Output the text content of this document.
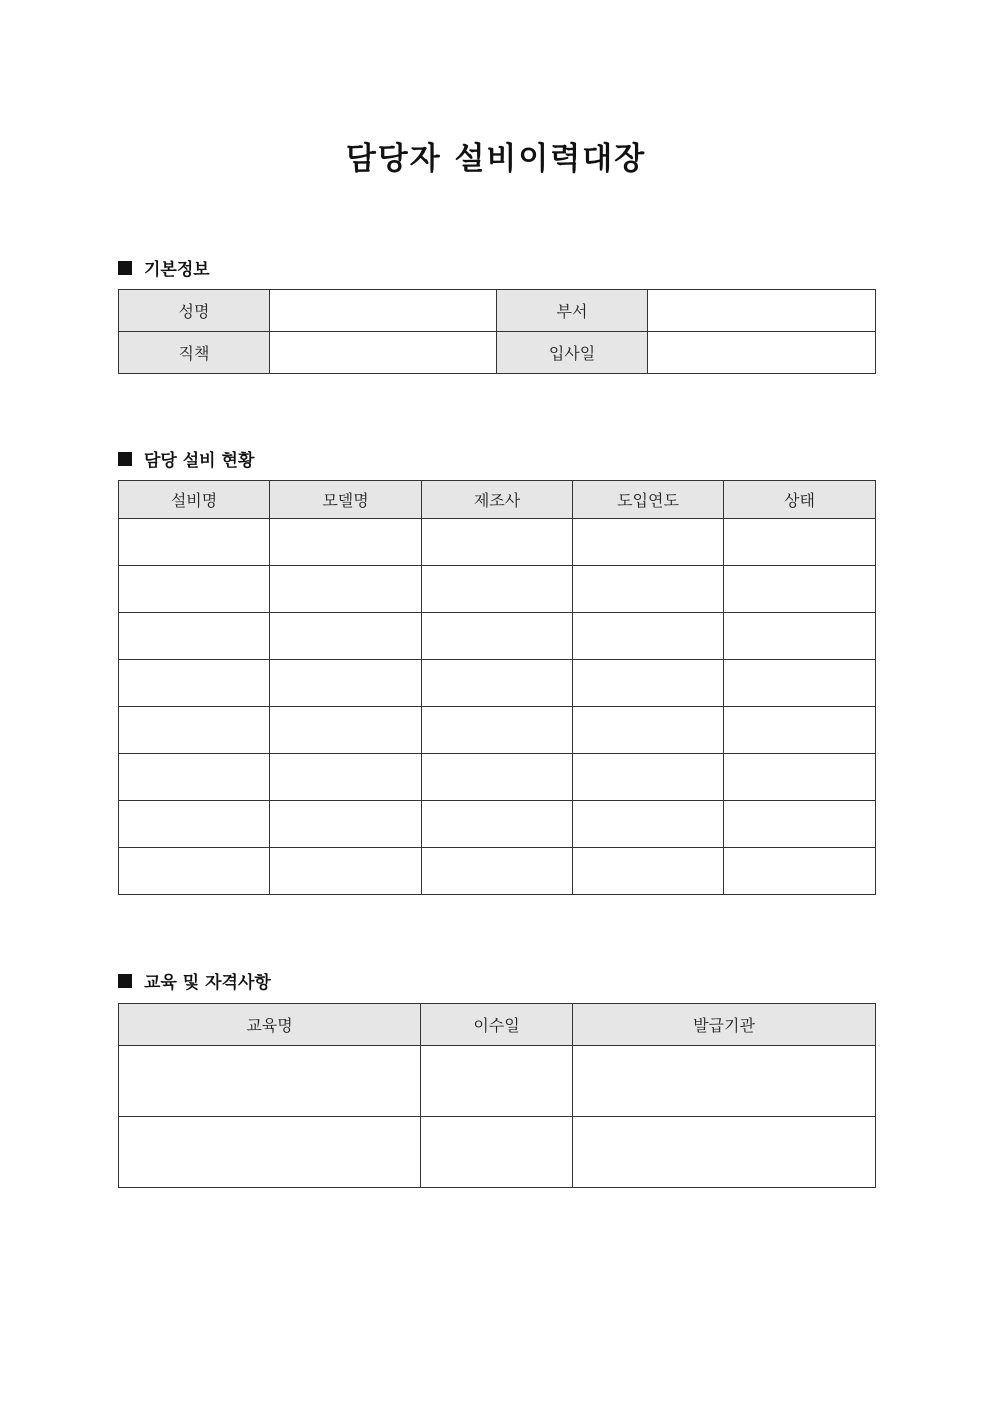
담당자 설비이력대장
기본정보
성명		부서	
직책		입사일	
담당 설비 현황
설비명	모델명	제조사	도입연도	상태

교육 및 자격사항
교육명	이수일	발급기관
